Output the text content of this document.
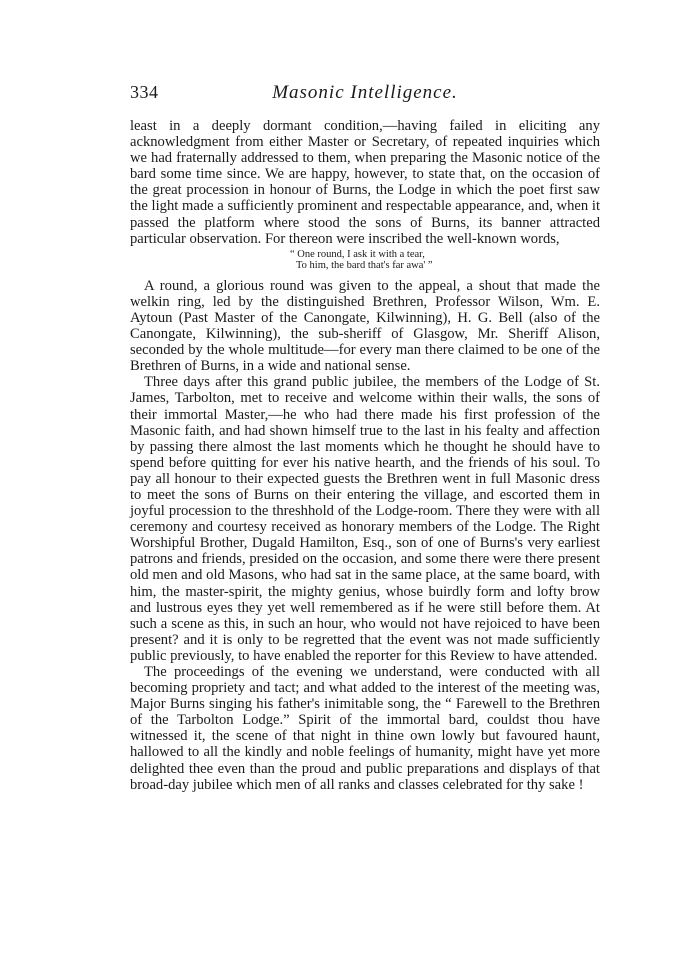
334	Masonic Intelligence.

least in a deeply dormant condition,—having failed in eliciting any acknowledgment from either Master or Secretary, of repeated inquiries which we had fraternally addressed to them, when preparing the Masonic notice of the bard some time since. We are happy, however, to state that, on the occasion of the great procession in honour of Burns, the Lodge in which the poet first saw the light made a sufficiently prominent and respectable appearance, and, when it passed the platform where stood the sons of Burns, its banner attracted particular observation. For thereon were inscribed the well-known words,

“ One round, I ask it with a tear,
To him, the bard that's far awa' ”

A round, a glorious round was given to the appeal, a shout that made the welkin ring, led by the distinguished Brethren, Professor Wilson, Wm. E. Aytoun (Past Master of the Canongate, Kilwinning), H. G. Bell (also of the Canongate, Kilwinning), the sub-sheriff of Glasgow, Mr. Sheriff Alison, seconded by the whole multitude—for every man there claimed to be one of the Brethren of Burns, in a wide and national sense.

Three days after this grand public jubilee, the members of the Lodge of St. James, Tarbolton, met to receive and welcome within their walls, the sons of their immortal Master,—he who had there made his first profession of the Masonic faith, and had shown himself true to the last in his fealty and affection by passing there almost the last moments which he thought he should have to spend before quitting for ever his native hearth, and the friends of his soul. To pay all honour to their expected guests the Brethren went in full Masonic dress to meet the sons of Burns on their entering the village, and escorted them in joyful procession to the threshhold of the Lodge-room. There they were with all ceremony and courtesy received as honorary members of the Lodge. The Right Worshipful Brother, Dugald Hamilton, Esq., son of one of Burns's very earliest patrons and friends, presided on the occasion, and some there were there present old men and old Masons, who had sat in the same place, at the same board, with him, the master-spirit, the mighty genius, whose buirdly form and lofty brow and lustrous eyes they yet well remembered as if he were still before them. At such a scene as this, in such an hour, who would not have rejoiced to have been present? and it is only to be regretted that the event was not made sufficiently public previously, to have enabled the reporter for this Review to have attended.

The proceedings of the evening we understand, were conducted with all becoming propriety and tact; and what added to the interest of the meeting was, Major Burns singing his father's inimitable song, the “ Farewell to the Brethren of the Tarbolton Lodge.” Spirit of the immortal bard, couldst thou have witnessed it, the scene of that night in thine own lowly but favoured haunt, hallowed to all the kindly and noble feelings of humanity, might have yet more delighted thee even than the proud and public preparations and displays of that broad-day jubilee which men of all ranks and classes celebrated for thy sake !
